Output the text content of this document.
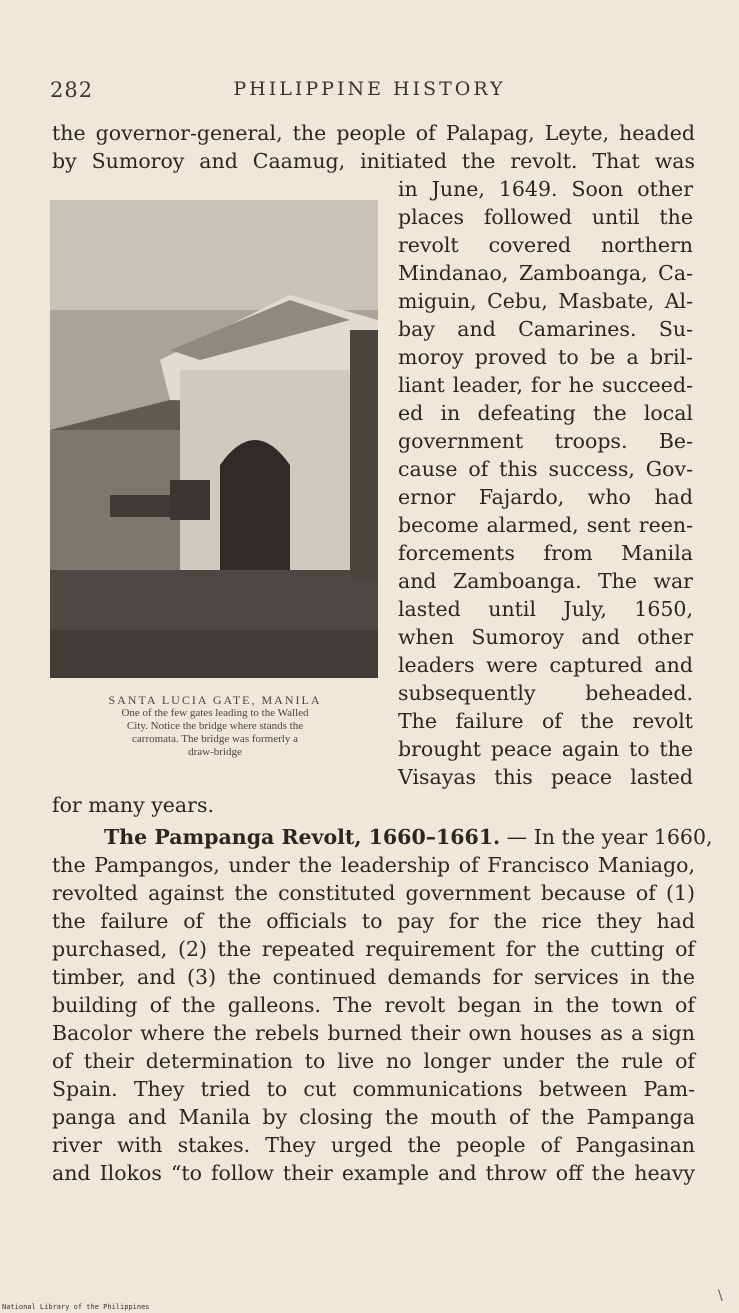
282	PHILIPPINE HISTORY
the governor-general, the people of Palapag, Leyte, headed
by Sumoroy and Caamug, initiated the revolt. That was
SANTA LUCIA GATE, MANILA
One of the few gates leading to the Walled
City. Notice the bridge where stands the
carromata. The bridge was formerly a
draw-bridge
in June, 1649. Soon other
places followed until the
revolt covered northern
Mindanao, Zamboanga, Ca-
miguin, Cebu, Masbate, Al-
bay and Camarines. Su-
moroy proved to be a bril-
liant leader, for he succeed-
ed in defeating the local
government troops. Be-
cause of this success, Gov-
ernor Fajardo, who had
become alarmed, sent reen-
forcements from Manila
and Zamboanga. The war
lasted until July, 1650,
when Sumoroy and other
leaders were captured and
subsequently beheaded.
The failure of the revolt
brought peace again to the
Visayas this peace lasted
for many years.
The Pampanga Revolt, 1660–1661. — In the year 1660,
the Pampangos, under the leadership of Francisco Maniago,
revolted against the constituted government because of (1)
the failure of the officials to pay for the rice they had
purchased, (2) the repeated requirement for the cutting of
timber, and (3) the continued demands for services in the
building of the galleons. The revolt began in the town of
Bacolor where the rebels burned their own houses as a sign
of their determination to live no longer under the rule of
Spain. They tried to cut communications between Pam-
panga and Manila by closing the mouth of the Pampanga
river with stakes. They urged the people of Pangasinan
and Ilokos “to follow their example and throw off the heavy
\
National Library of the Philippines
